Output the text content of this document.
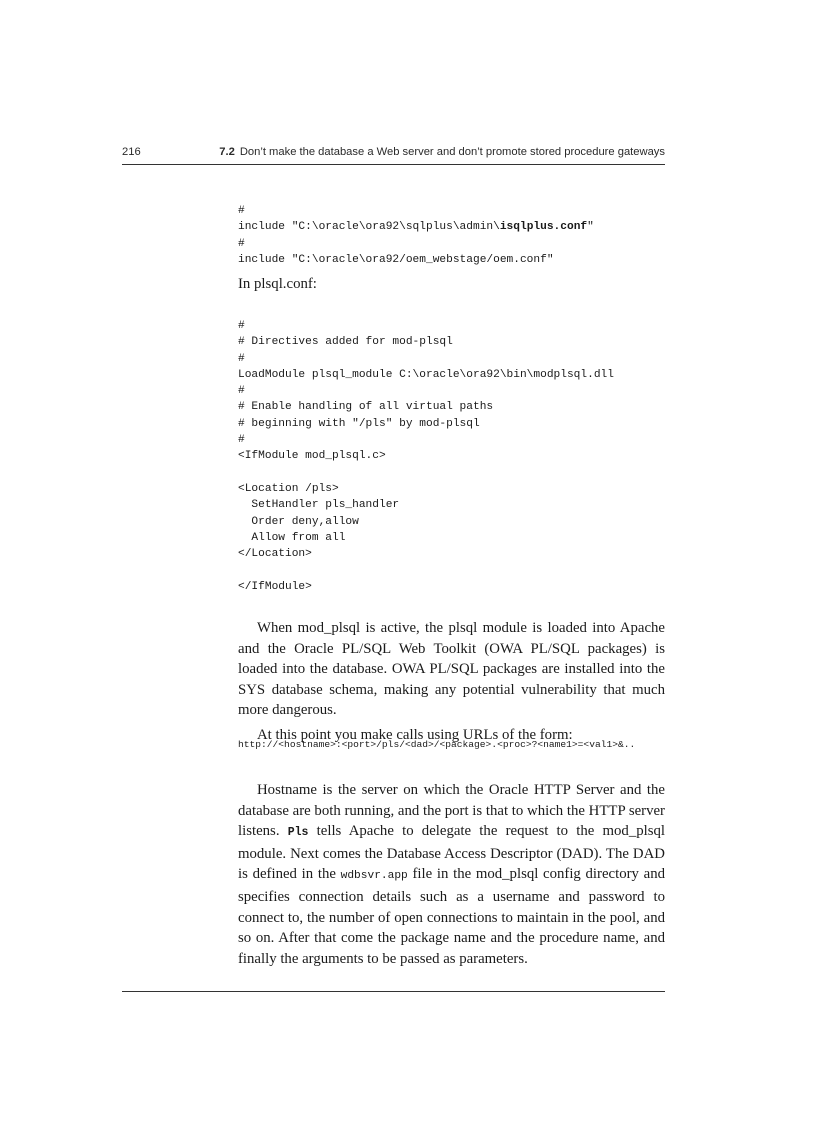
216	7.2 Don’t make the database a Web server and don’t promote stored procedure gateways
#
include "C:\oracle\ora92\sqlplus\admin\isqlplus.conf"
#
include "C:\oracle\ora92/oem_webstage/oem.conf"

In plsql.conf:

#
# Directives added for mod-plsql
#
LoadModule plsql_module C:\oracle\ora92\bin\modplsql.dll
#
# Enable handling of all virtual paths
# beginning with "/pls" by mod-plsql
#
<IfModule mod_plsql.c>

<Location /pls>
SetHandler pls_handler
Order deny,allow
Allow from all
</Location>

</IfModule>

When mod_plsql is active, the plsql module is loaded into Apache and the Oracle PL/SQL Web Toolkit (OWA PL/SQL packages) is loaded into the database. OWA PL/SQL packages are installed into the SYS database schema, making any potential vulnerability that much more dangerous.

At this point you make calls using URLs of the form:

http://<hostname>:<port>/pls/<dad>/<package>.<proc>?<name1>=<val1>&..

Hostname is the server on which the Oracle HTTP Server and the database are both running, and the port is that to which the HTTP server listens. Pls tells Apache to delegate the request to the mod_plsql module. Next comes the Database Access Descriptor (DAD). The DAD is defined in the wdbsvr.app file in the mod_plsql config directory and specifies connection details such as a username and password to connect to, the number of open connections to maintain in the pool, and so on. After that come the package name and the procedure name, and finally the arguments to be passed as parameters.
